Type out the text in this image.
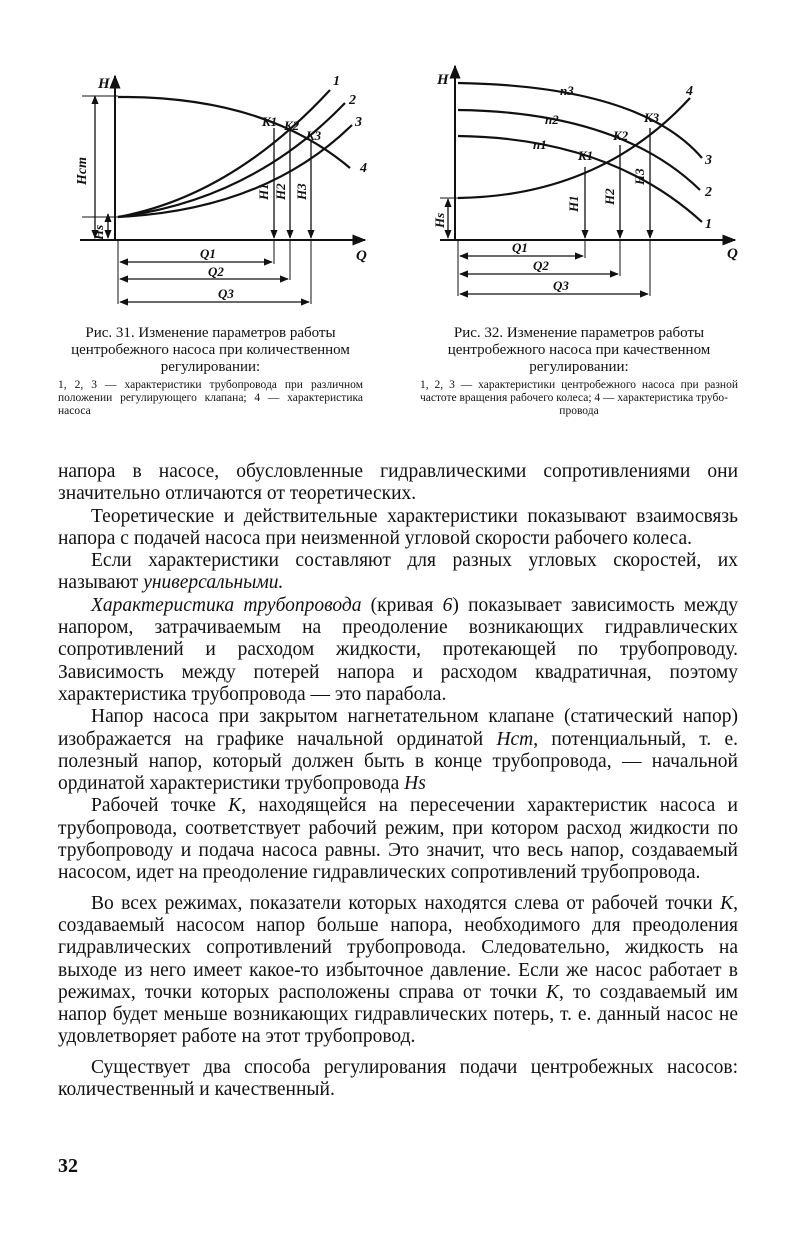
H
Q
Hст
Hs
1
2
3
4
K1 K2
K3
H1 H2 H3
Q1
Q2
Q3
Рис. 31. Изменение параметров работы центробежного насоса при количественном регулировании:
1, 2, 3 — характеристики трубопровода при различном положении регулирующего клапана; 4 — характеристика насоса
H
Q
Hs
n3
n2
n1
4
3
2
1
K1
K2
K3
H1 H2
H3
Q1
Q2
Q3
Рис. 32. Изменение параметров работы центробежного насоса при качественном регулировании:
1, 2, 3 — характеристики центробежного насоса при разной частоте вращения рабочего колеса; 4 — характеристика трубо-
провода

напора в насосе, обусловленные гидравлическими сопротивлениями они значительно отличаются от теоретических.

Теоретические и действительные характеристики показывают взаимосвязь напора с подачей насоса при неизменной угловой скорости рабочего колеса.

Если характеристики составляют для разных угловых скоростей, их называют универсальными.

Характеристика трубопровода (кривая 6) показывает зависимость между напором, затрачиваемым на преодоление возникающих гидравлических сопротивлений и расходом жидкости, протекающей по трубопроводу. Зависимость между потерей напора и расходом квадратичная, поэтому характеристика трубопровода — это парабола.

Напор насоса при закрытом нагнетательном клапане (статический напор) изображается на графике начальной ординатой Hст, потенциальный, т. е. полезный напор, который должен быть в конце трубопровода, — начальной ординатой характеристики трубопровода Hs

Рабочей точке K, находящейся на пересечении характеристик насоса и трубопровода, соответствует рабочий режим, при котором расход жидкости по трубопроводу и подача насоса равны. Это значит, что весь напор, создаваемый насосом, идет на преодоление гидравлических сопротивлений трубопровода.

Во всех режимах, показатели которых находятся слева от рабочей точки K, создаваемый насосом напор больше напора, необходимого для преодоления гидравлических сопротивлений трубопровода. Следовательно, жидкость на выходе из него имеет какое-то избыточное давление. Если же насос работает в режимах, точки которых расположены справа от точки K, то создаваемый им напор будет меньше возникающих гидравлических потерь, т. е. данный насос не удовлетворяет работе на этот трубопровод.

Существует два способа регулирования подачи центробежных насосов: количественный и качественный.

32
